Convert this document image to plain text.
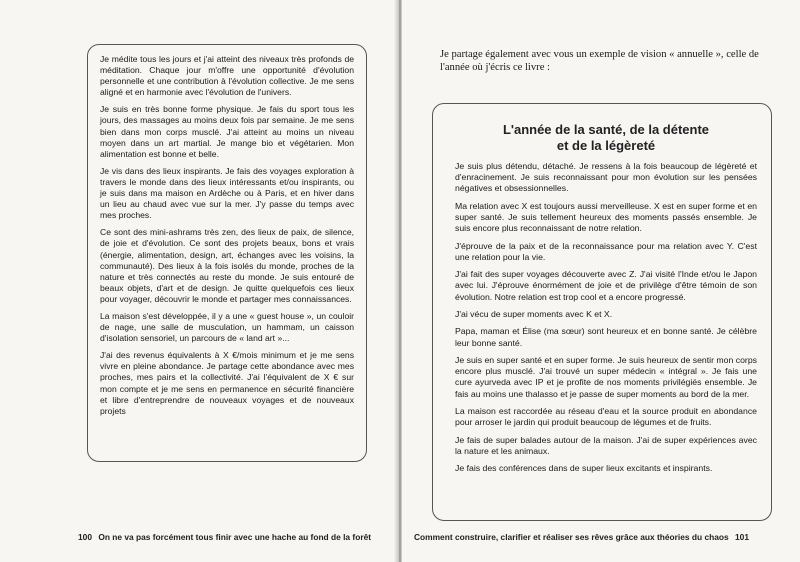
Je médite tous les jours et j'ai atteint des niveaux très profonds de méditation. Chaque jour m'offre une opportunité d'évolution personnelle et une contribution à l'évolution collective. Je me sens aligné et en harmonie avec l'évolution de l'univers.

Je suis en très bonne forme physique. Je fais du sport tous les jours, des massages au moins deux fois par semaine. Je me sens bien dans mon corps musclé. J'ai atteint au moins un niveau moyen dans un art martial. Je mange bio et végétarien. Mon alimentation est bonne et belle.

Je vis dans des lieux inspirants. Je fais des voyages exploration à travers le monde dans des lieux intéressants et/ou inspirants, ou je suis dans ma maison en Ardèche ou à Paris, et en hiver dans un lieu au chaud avec vue sur la mer. J'y passe du temps avec mes proches.

Ce sont des mini-ashrams très zen, des lieux de paix, de silence, de joie et d'évolution. Ce sont des projets beaux, bons et vrais (énergie, alimentation, design, art, échanges avec les voisins, la communauté). Des lieux à la fois isolés du monde, proches de la nature et très connectés au reste du monde. Je suis entouré de beaux objets, d'art et de design. Je quitte quelquefois ces lieux pour voyager, découvrir le monde et partager mes connaissances.

La maison s'est développée, il y a une « guest house », un couloir de nage, une salle de musculation, un hammam, un caisson d'isolation sensoriel, un parcours de « land art »...

J'ai des revenus équivalents à X €/mois minimum et je me sens vivre en pleine abondance. Je partage cette abondance avec mes proches, mes pairs et la collectivité. J'ai l'équivalent de X € sur mon compte et je me sens en permanence en sécurité financière et libre d'entreprendre de nouveaux voyages et de nouveaux projets

100 On ne va pas forcément tous finir avec une hache au fond de la forêt
Je partage également avec vous un exemple de vision « annuelle », celle de l'année où j'écris ce livre :
L'année de la santé, de la détente
et de la légèreté

Je suis plus détendu, détaché. Je ressens à la fois beaucoup de légèreté et d'enracinement. Je suis reconnaissant pour mon évolution sur les pensées négatives et obsessionnelles.

Ma relation avec X est toujours aussi merveilleuse. X est en super forme et en super santé. Je suis tellement heureux des moments passés ensemble. Je suis encore plus reconnaissant de notre relation.

J'éprouve de la paix et de la reconnaissance pour ma relation avec Y. C'est une relation pour la vie.

J'ai fait des super voyages découverte avec Z. J'ai visité l'Inde et/ou le Japon avec lui. J'éprouve énormément de joie et de privilège d'être témoin de son évolution. Notre relation est trop cool et a encore progressé.

J'ai vécu de super moments avec K et X.

Papa, maman et Élise (ma sœur) sont heureux et en bonne santé. Je célèbre leur bonne santé.

Je suis en super santé et en super forme. Je suis heureux de sentir mon corps encore plus musclé. J'ai trouvé un super médecin « intégral ». Je fais une cure ayurveda avec IP et je profite de nos moments privilégiés ensemble. Je fais au moins une thalasso et je passe de super moments au bord de la mer.

La maison est raccordée au réseau d'eau et la source produit en abondance pour arroser le jardin qui produit beaucoup de légumes et de fruits.

Je fais de super balades autour de la maison. J'ai de super expériences avec la nature et les animaux.

Je fais des conférences dans de super lieux excitants et inspirants.

Comment construire, clarifier et réaliser ses rêves grâce aux théories du chaos 101
